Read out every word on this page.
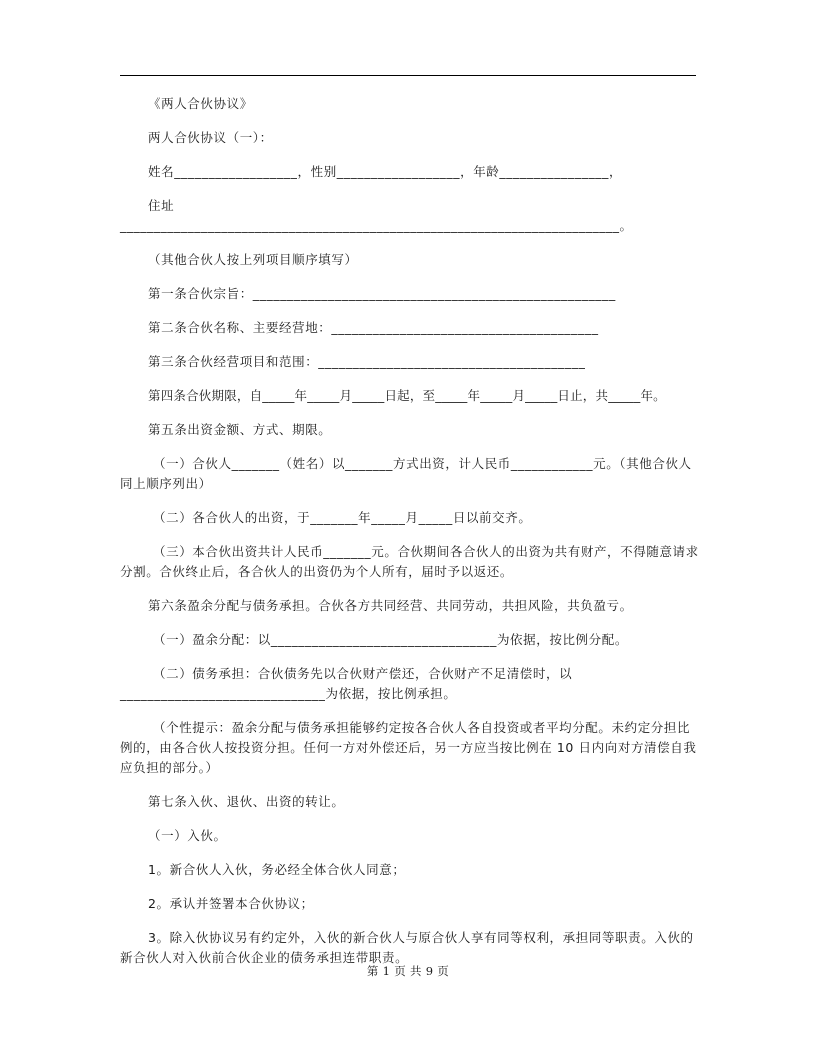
《两人合伙协议》

两人合伙协议（一）：

姓名__________________，性别__________________，年龄________________，

住址
__________________________________________________________________________。

（其他合伙人按上列项目顺序填写）

第一条合伙宗旨：_____________________________________________________

第二条合伙名称、主要经营地：_______________________________________

第三条合伙经营项目和范围：_______________________________________

第四条合伙期限，自_____年_____月_____日起，至_____年_____月_____日止，共_____年。

第五条出资金额、方式、期限。

（一）合伙人_______（姓名）以_______方式出资，计人民币____________元。（其他合伙人同上顺序列出）

（二）各合伙人的出资，于_______年_____月_____日以前交齐。

（三）本合伙出资共计人民币_______元。合伙期间各合伙人的出资为共有财产，不得随意请求分割。合伙终止后，各合伙人的出资仍为个人所有，届时予以返还。

第六条盈余分配与债务承担。合伙各方共同经营、共同劳动，共担风险，共负盈亏。

（一）盈余分配：以_________________________________为依据，按比例分配。

（二）债务承担：合伙债务先以合伙财产偿还，合伙财产不足清偿时，以
______________________________为依据，按比例承担。

（个性提示：盈余分配与债务承担能够约定按各合伙人各自投资或者平均分配。未约定分担比例的，由各合伙人按投资分担。任何一方对外偿还后，另一方应当按比例在 10 日内向对方清偿自我应负担的部分。）

第七条入伙、退伙、出资的转让。

（一）入伙。

1。新合伙人入伙，务必经全体合伙人同意；

2。承认并签署本合伙协议；

3。除入伙协议另有约定外，入伙的新合伙人与原合伙人享有同等权利，承担同等职责。入伙的新合伙人对入伙前合伙企业的债务承担连带职责。

第 1 页 共 9 页
